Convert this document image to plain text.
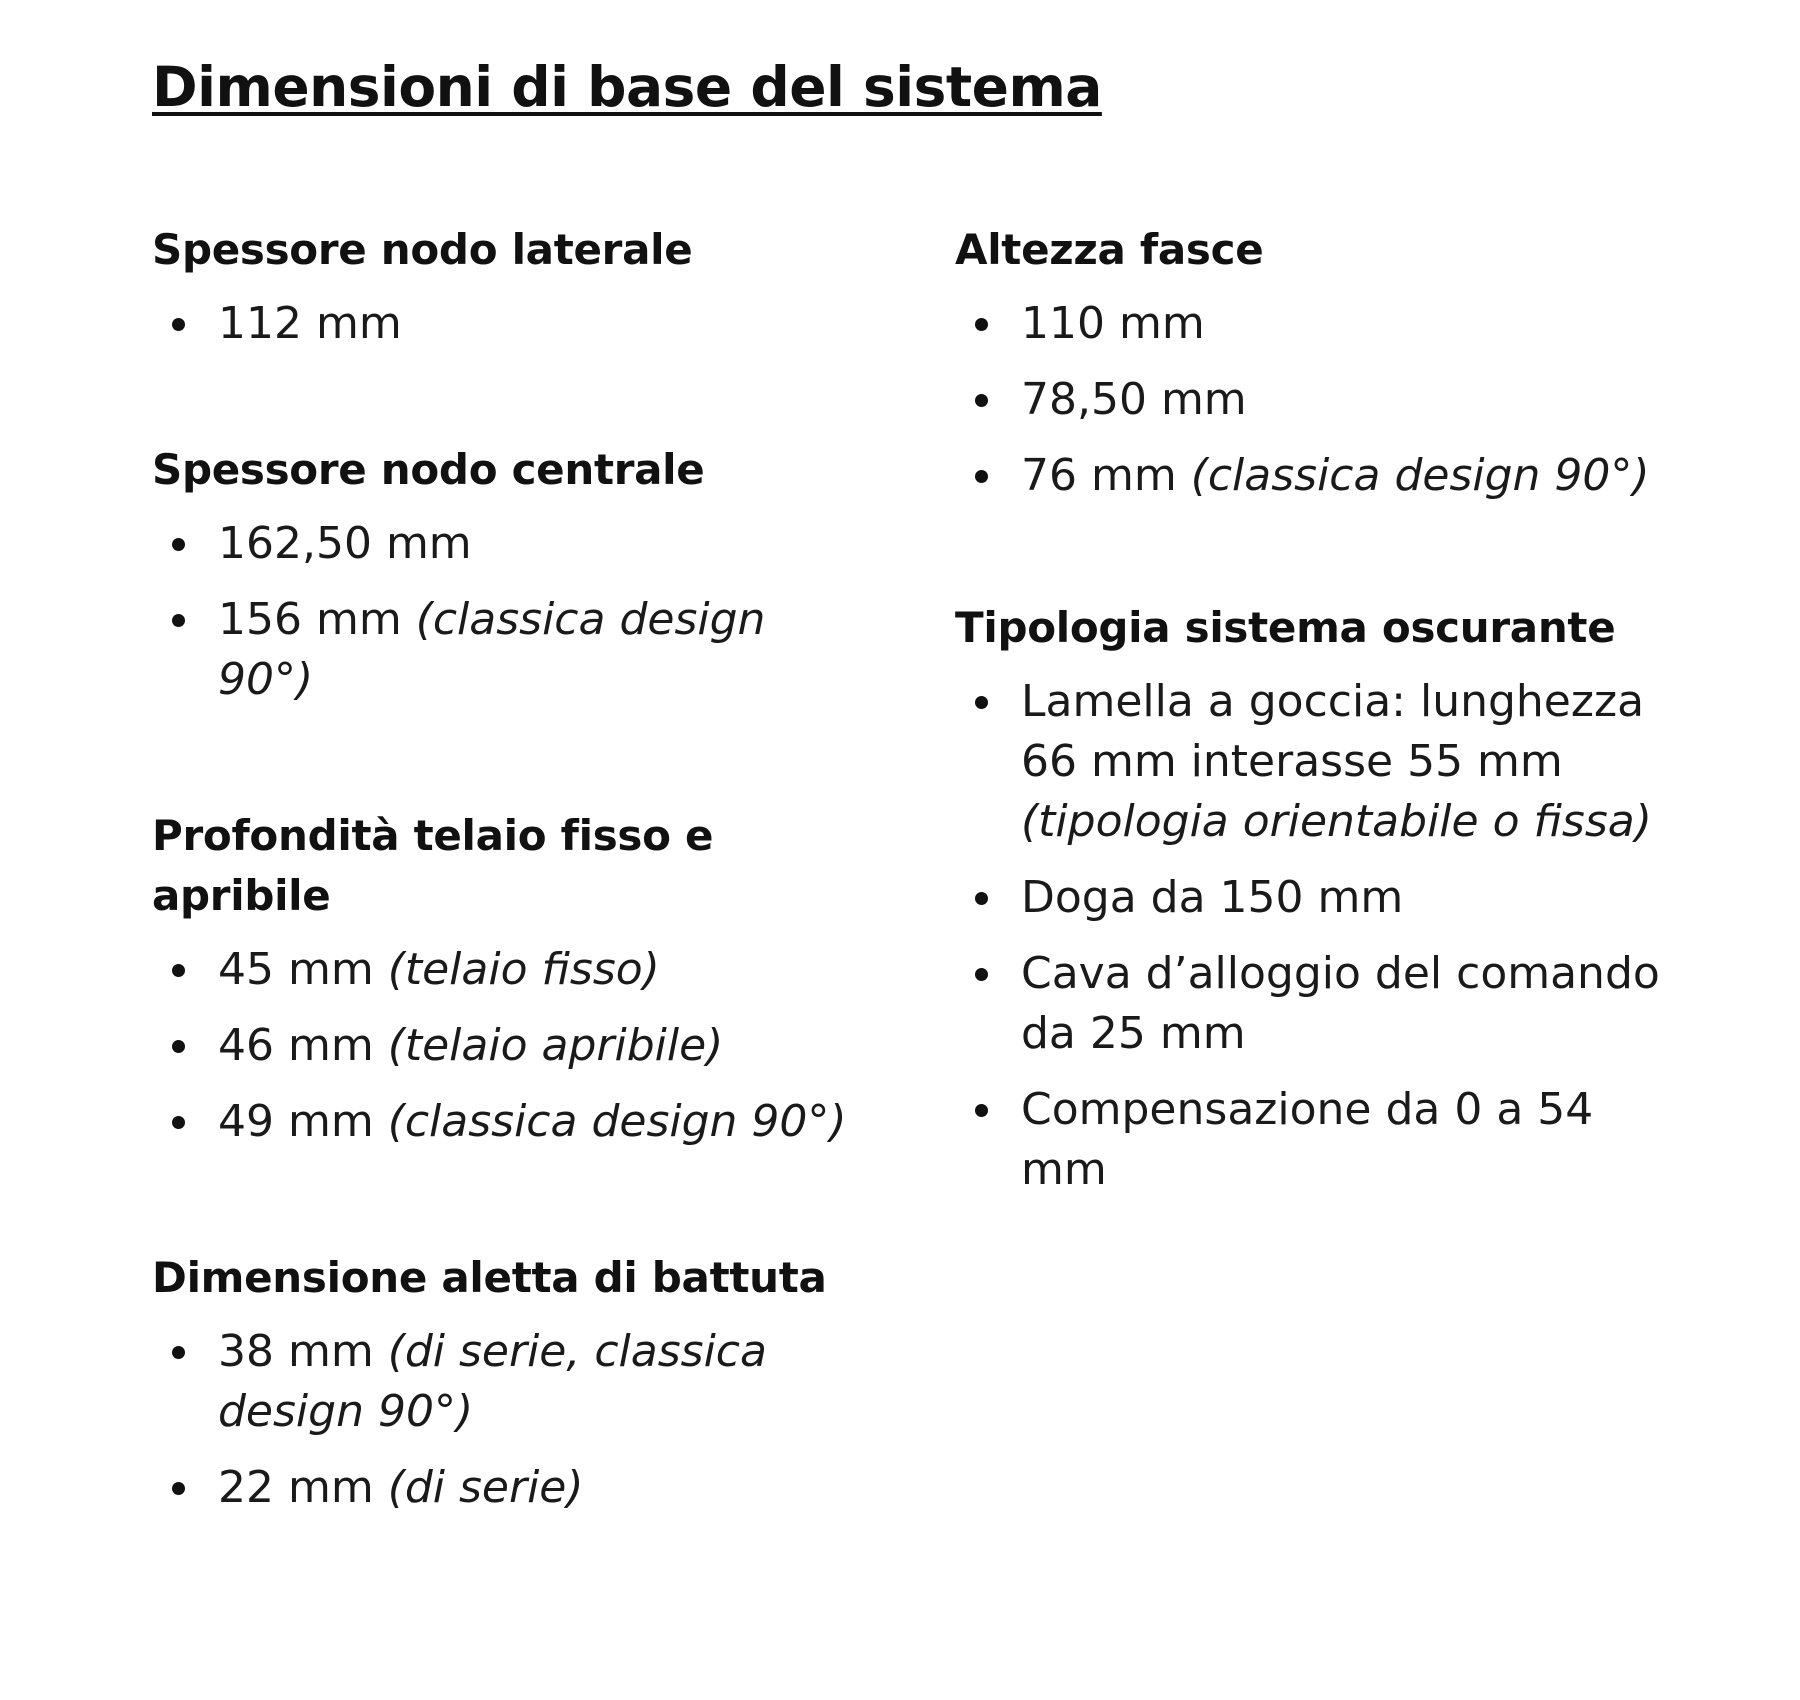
Dimensioni di base del sistema
Spessore nodo laterale
112 mm
Spessore nodo centrale
162,50 mm
156 mm (classica design 90°)
Profondità telaio fisso e apribile
45 mm (telaio fisso)
46 mm (telaio apribile)
49 mm (classica design 90°)
Dimensione aletta di battuta
38 mm (di serie, classica design 90°)
22 mm (di serie)
Altezza fasce
110 mm
78,50 mm
76 mm (classica design 90°)
Tipologia sistema oscurante
Lamella a goccia: lunghezza 66 mm interasse 55 mm (tipologia orientabile o fissa)
Doga da 150 mm
Cava d’alloggio del comando da 25 mm
Compensazione da 0 a 54 mm
